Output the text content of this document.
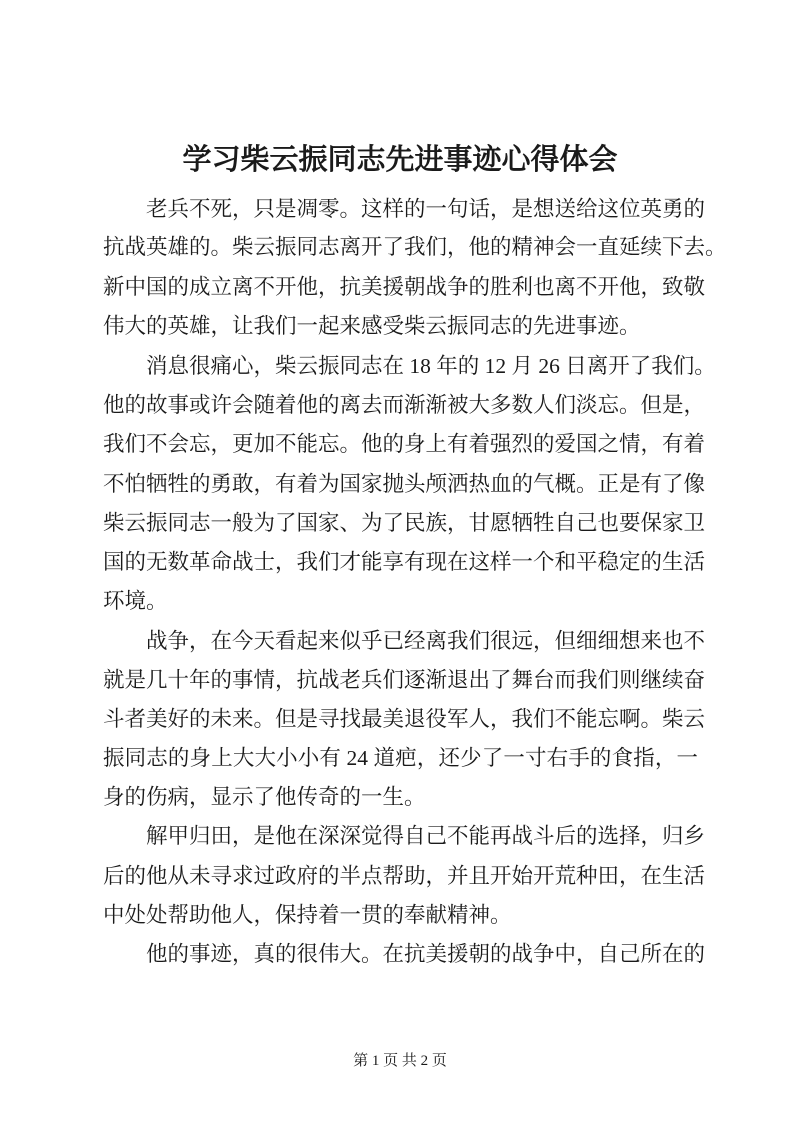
学习柴云振同志先进事迹心得体会
老兵不死，只是凋零。这样的一句话，是想送给这位英勇的
抗战英雄的。柴云振同志离开了我们，他的精神会一直延续下去。
新中国的成立离不开他，抗美援朝战争的胜利也离不开他，致敬
伟大的英雄，让我们一起来感受柴云振同志的先进事迹。
消息很痛心，柴云振同志在 18 年的 12 月 26 日离开了我们。
他的故事或许会随着他的离去而渐渐被大多数人们淡忘。但是，
我们不会忘，更加不能忘。他的身上有着强烈的爱国之情，有着
不怕牺牲的勇敢，有着为国家抛头颅洒热血的气概。正是有了像
柴云振同志一般为了国家、为了民族，甘愿牺牲自己也要保家卫
国的无数革命战士，我们才能享有现在这样一个和平稳定的生活
环境。
战争，在今天看起来似乎已经离我们很远，但细细想来也不
就是几十年的事情，抗战老兵们逐渐退出了舞台而我们则继续奋
斗者美好的未来。但是寻找最美退役军人，我们不能忘啊。柴云
振同志的身上大大小小有 24 道疤，还少了一寸右手的食指，一
身的伤病，显示了他传奇的一生。
解甲归田，是他在深深觉得自己不能再战斗后的选择，归乡
后的他从未寻求过政府的半点帮助，并且开始开荒种田，在生活
中处处帮助他人，保持着一贯的奉献精神。
他的事迹，真的很伟大。在抗美援朝的战争中，自己所在的
第 1 页 共 2 页
